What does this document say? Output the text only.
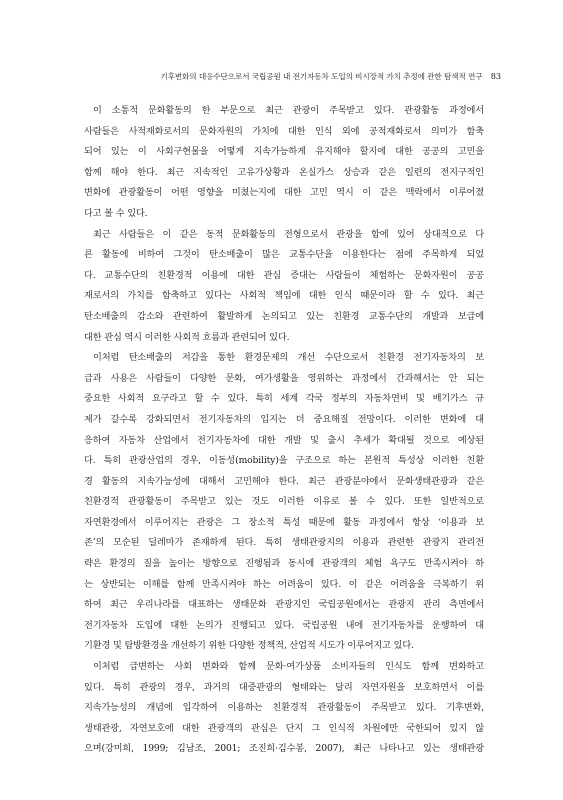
기후변화의 대응수단으로서 국립공원 내 전기자동차 도입의 비시장적 가치 추정에 관한 탐색적 연구 83
이 소통적 문화활동의 한 부문으로 최근 관광이 주목받고 있다. 관광활동 과정에서
사람들은 사적재화로서의 문화자원의 가치에 대한 인식 외에 공적재화로서 의미가 함축
되어 있는 이 사회구현물을 어떻게 지속가능하게 유지해야 할지에 대한 공공의 고민을
함께 해야 한다. 최근 지속적인 고유가상황과 온실가스 상승과 같은 일련의 전지구적인
변화에 관광활동이 어떤 영향을 미쳤는지에 대한 고민 역시 이 같은 맥락에서 이루어졌
다고 볼 수 있다.
최근 사람들은 이 같은 동적 문화활동의 전형으로서 관광을 함에 있어 상대적으로 다
른 활동에 비하여 그것이 탄소배출이 많은 교통수단을 이용한다는 점에 주목하게 되었
다. 교통수단의 친환경적 이용에 대한 관심 증대는 사람들이 체험하는 문화자원이 공공
재로서의 가치를 함축하고 있다는 사회적 책임에 대한 인식 때문이라 할 수 있다. 최근
탄소배출의 감소와 관련하여 활발하게 논의되고 있는 친환경 교통수단의 개발과 보급에
대한 관심 역시 이러한 사회적 흐름과 관련되어 있다.
이처럼 탄소배출의 저감을 통한 환경문제의 개선 수단으로서 친환경 전기자동차의 보
급과 사용은 사람들이 다양한 문화, 여가생활을 영위하는 과정에서 간과해서는 안 되는
중요한 사회적 요구라고 할 수 있다. 특히 세계 각국 정부의 자동차연비 및 배기가스 규
제가 갈수록 강화되면서 전기자동차의 입지는 더 중요해질 전망이다. 이러한 변화에 대
응하여 자동차 산업에서 전기자동차에 대한 개발 및 출시 추세가 확대될 것으로 예상된
다. 특히 관광산업의 경우, 이동성(mobility)을 구조으로 하는 본원적 특성상 이러한 친환
경 활동의 지속가능성에 대해서 고민해야 한다. 최근 관광분야에서 문화생태관광과 같은
친환경적 관광활동이 주목받고 있는 것도 이러한 이유로 볼 수 있다. 또한 일반적으로
자연환경에서 이루어지는 관광은 그 장소적 특성 때문에 활동 과정에서 항상 ‘이용과 보
존’의 모순된 딜레마가 존재하게 된다. 특히 생태관광지의 이용과 관련한 관광지 관리전
략은 환경의 질을 높이는 방향으로 진행됨과 동시에 관광객의 체험 욕구도 만족시켜야 하
는 상반되는 이해를 함께 만족시켜야 하는 어려움이 있다. 이 같은 어려움을 극복하기 위
하여 최근 우리나라를 대표하는 생태문화 관광지인 국립공원에서는 관광지 관리 측면에서
전기자동차 도입에 대한 논의가 진행되고 있다. 국립공원 내에 전기자동차를 운행하여 대
기환경 및 탐방환경을 개선하기 위한 다양한 정책적, 산업적 시도가 이루어지고 있다.
이처럼 급변하는 사회 변화와 함께 문화·여가상품 소비자들의 인식도 함께 변화하고
있다. 특히 관광의 경우, 과거의 대중관광의 형태와는 달리 자연자원을 보호하면서 이를
지속가능성의 개념에 입각하여 이용하는 친환경적 관광활동이 주목받고 있다. 기후변화,
생태관광, 자연보호에 대한 관광객의 관심은 단지 그 인식적 차원에만 국한되어 있지 않
으며(강미희, 1999; 김남조, 2001; 조진희·김수봉, 2007), 최근 나타나고 있는 생태관광
